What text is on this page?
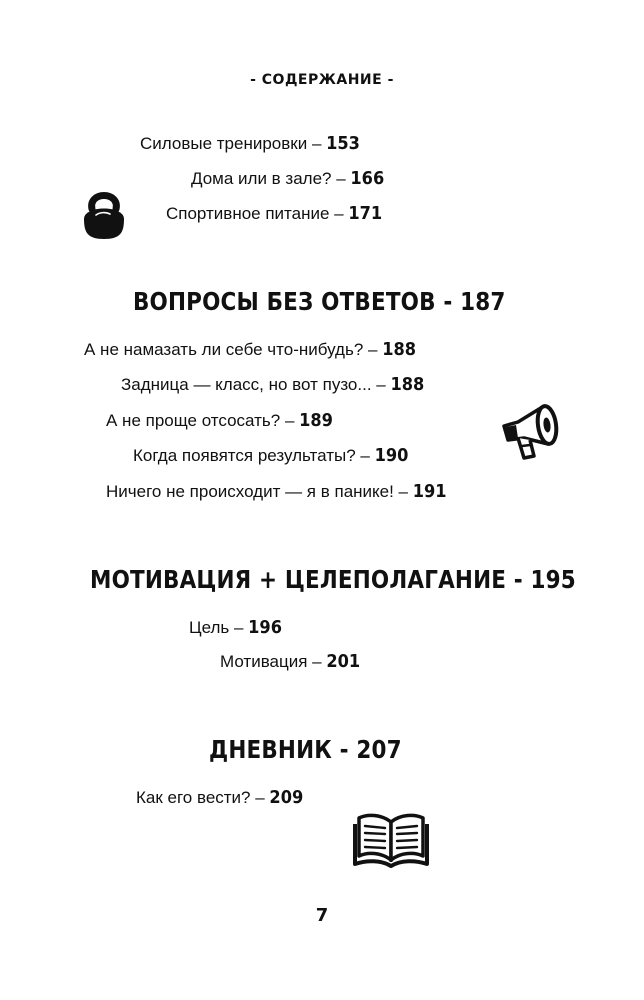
- СОДЕРЖАНИЕ -
Силовые тренировки – 153
Дома или в зале? – 166
Спортивное питание – 171
ВОПРОСЫ БЕЗ ОТВЕТОВ - 187
А не намазать ли себе что-нибудь? – 188
Задница — класс, но вот пузо... – 188
А не проще отсосать? – 189
Когда появятся результаты? – 190
Ничего не происходит — я в панике! – 191
МОТИВАЦИЯ + ЦЕЛЕПОЛАГАНИЕ - 195
Цель – 196
Мотивация – 201
ДНЕВНИК - 207
Как его вести? – 209
7
